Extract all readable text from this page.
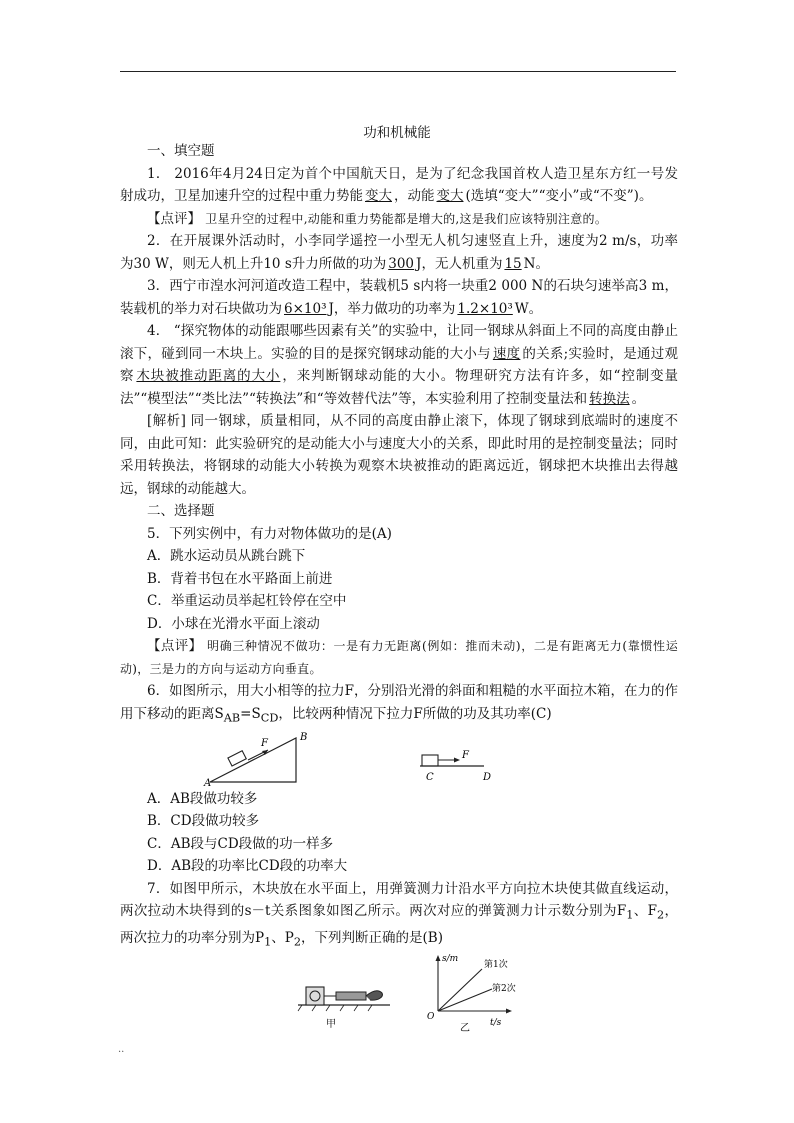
功和机械能

一、填空题

1． 2016年4月24日定为首个中国航天日，是为了纪念我国首枚人造卫星东方红一号发射成功，卫星加速升空的过程中重力势能 变大 ，动能 变大 (选填“变大”“变小”或“不变”)。

【点评】 卫星升空的过程中,动能和重力势能都是增大的,这是我们应该特别注意的。

2．在开展课外活动时，小李同学遥控一小型无人机匀速竖直上升，速度为2 m/s，功率为30 W，则无人机上升10 s升力所做的功为 300 J，无人机重为 15 N。

3．西宁市湟水河河道改造工程中，装载机5 s内将一块重2 000 N的石块匀速举高3 m，装载机的举力对石块做功为 6×10³ J，举力做功的功率为 1.2×10³ W。

4． “探究物体的动能跟哪些因素有关”的实验中，让同一钢球从斜面上不同的高度由静止滚下，碰到同一木块上。实验的目的是探究钢球动能的大小与 速度 的关系;实验时，是通过观察 木块被推动距离的大小 ，来判断钢球动能的大小。物理研究方法有许多，如“控制变量法”“模型法”“类比法”“转换法”和“等效替代法”等，本实验利用了控制变量法和 转换法 。

[解析] 同一钢球，质量相同，从不同的高度由静止滚下，体现了钢球到底端时的速度不同，由此可知：此实验研究的是动能大小与速度大小的关系，即此时用的是控制变量法；同时采用转换法，将钢球的动能大小转换为观察木块被推动的距离远近，钢球把木块推出去得越远，钢球的动能越大。

二、选择题

5．下列实例中，有力对物体做功的是(A)

A．跳水运动员从跳台跳下

B．背着书包在水平路面上前进

C．举重运动员举起杠铃停在空中

D．小球在光滑水平面上滚动

【点评】 明确三种情况不做功：一是有力无距离(例如：推而未动)，二是有距离无力(靠惯性运动)，三是力的方向与运动方向垂直。

6．如图所示，用大小相等的拉力F，分别沿光滑的斜面和粗糙的水平面拉木箱，在力的作用下移动的距离$S_{AB}=S_{CD}$，比较两种情况下拉力F所做的功及其功率(C)

F
A
B
F
C	D

A．AB段做功较多

B．CD段做功较多

C．AB段与CD段做的功一样多

D．AB段的功率比CD段的功率大

7．如图甲所示，木块放在水平面上，用弹簧测力计沿水平方向拉木块使其做直线运动，两次拉动木块得到的s－t关系图象如图乙所示。两次对应的弹簧测力计示数分别为$F_1$、$F_2$，两次拉力的功率分别为$P_1$、$P_2$，下列判断正确的是(B)

甲
s/m
t/s
O
第1次
第2次
乙
..
